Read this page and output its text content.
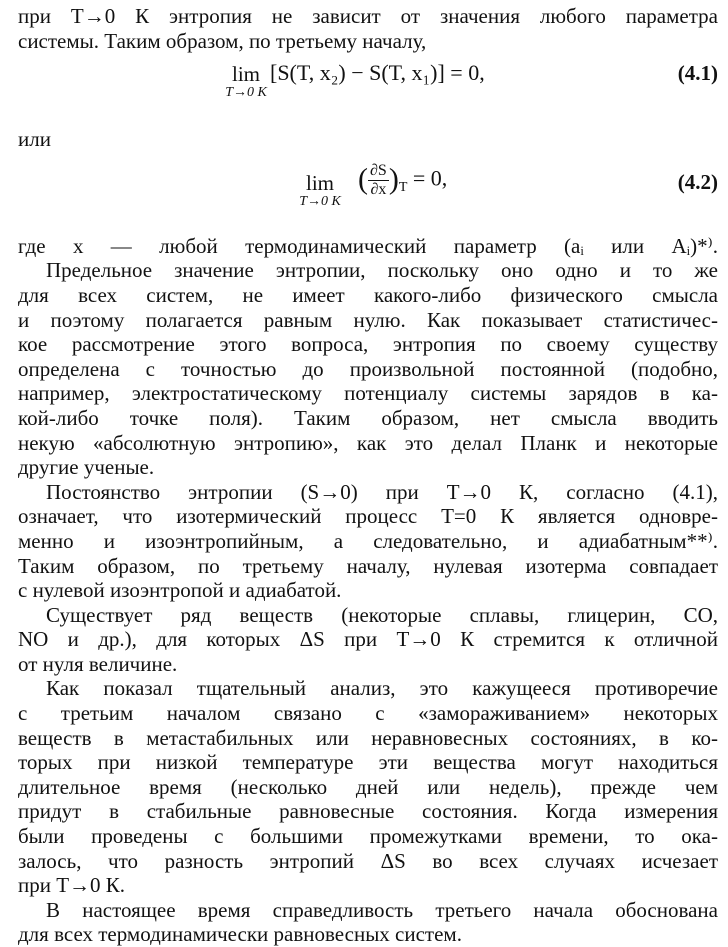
при T→0 К энтропия не зависит от значения любого параметра
системы. Таким образом, по третьему началу,
lim
T→0 К
[S(T, x₂) − S(T, x₁)] = 0,	(4.1)
или
lim
T→0 К
( $\frac{\partial S}{\partial x} )_T = 0$,	(4.2)
где x — любой термодинамический параметр (aᵢ или Aᵢ)*⁾.
Предельное значение энтропии, поскольку оно одно и то же
для всех систем, не имеет какого-либо физического смысла
и поэтому полагается равным нулю. Как показывает статистичес-
кое рассмотрение этого вопроса, энтропия по своему существу
определена с точностью до произвольной постоянной (подобно,
например, электростатическому потенциалу системы зарядов в ка-
кой-либо точке поля). Таким образом, нет смысла вводить
некую «абсолютную энтропию», как это делал Планк и некоторые
другие ученые.
Постоянство энтропии (S→0) при T→0 К, согласно (4.1),
означает, что изотермический процесс T=0 К является одновре-
менно и изоэнтропийным, а следовательно, и адиабатным**⁾.
Таким образом, по третьему началу, нулевая изотерма совпадает
с нулевой изоэнтропой и адиабатой.
Существует ряд веществ (некоторые сплавы, глицерин, CO,
NO и др.), для которых ΔS при T→0 К стремится к отличной
от нуля величине.
Как показал тщательный анализ, это кажущееся противоречие
с третьим началом связано с «замораживанием» некоторых
веществ в метастабильных или неравновесных состояниях, в ко-
торых при низкой температуре эти вещества могут находиться
длительное время (несколько дней или недель), прежде чем
придут в стабильные равновесные состояния. Когда измерения
были проведены с большими промежутками времени, то ока-
залось, что разность энтропий ΔS во всех случаях исчезает
при T→0 К.
В настоящее время справедливость третьего начала обоснована
для всех термодинамически равновесных систем.
